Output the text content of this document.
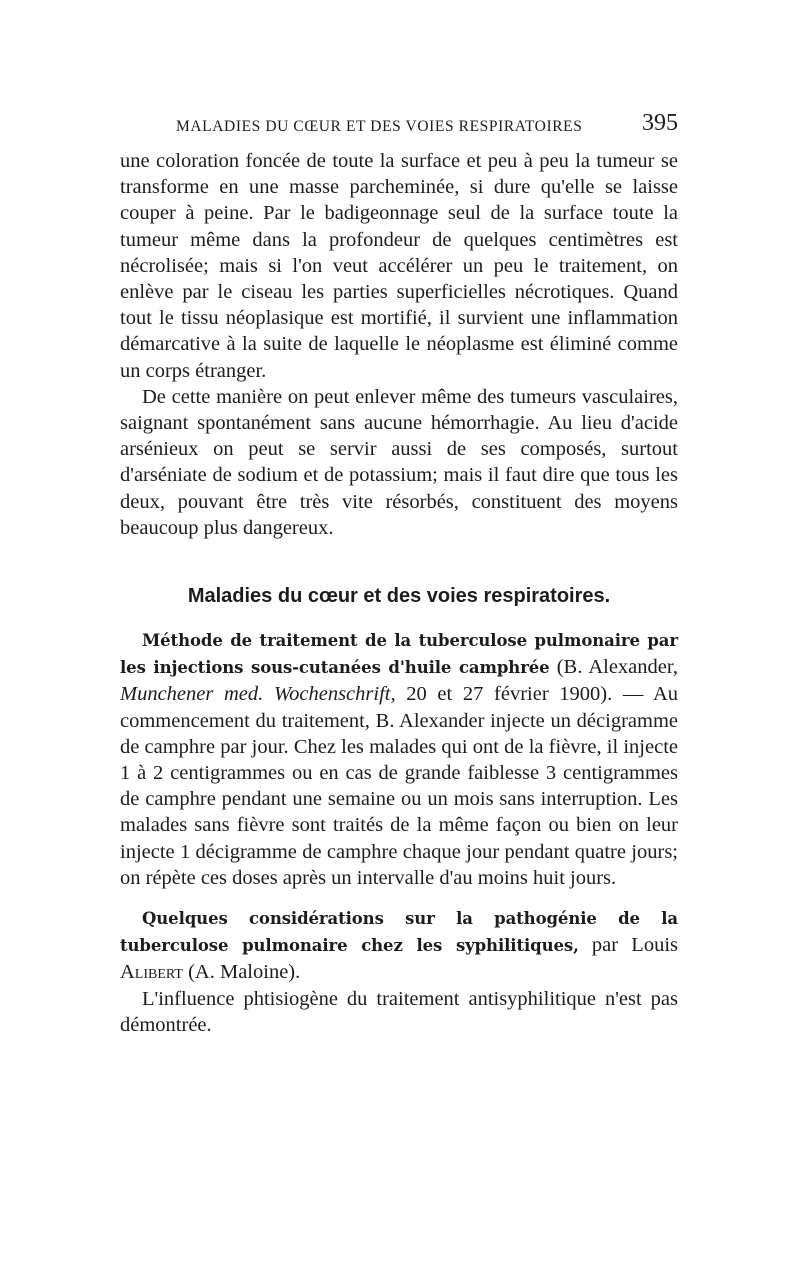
MALADIES DU CŒUR ET DES VOIES RESPIRATOIRES 395

une coloration foncée de toute la surface et peu à peu la tumeur se transforme en une masse parcheminée, si dure qu'elle se laisse couper à peine. Par le badigeonnage seul de la surface toute la tumeur même dans la profondeur de quelques centimètres est nécrolisée; mais si l'on veut accélérer un peu le traitement, on enlève par le ciseau les parties superficielles nécrotiques. Quand tout le tissu néoplasique est mortifié, il survient une inflammation démarcative à la suite de laquelle le néoplasme est éliminé comme un corps étranger.

De cette manière on peut enlever même des tumeurs vasculaires, saignant spontanément sans aucune hémorrhagie. Au lieu d'acide arsénieux on peut se servir aussi de ses composés, surtout d'arséniate de sodium et de potassium; mais il faut dire que tous les deux, pouvant être très vite résorbés, constituent des moyens beaucoup plus dangereux.

Maladies du cœur et des voies respiratoires.

Méthode de traitement de la tuberculose pulmonaire par les injections sous-cutanées d'huile camphrée (B. Alexander, Munchener med. Wochenschrift, 20 et 27 février 1900). — Au commencement du traitement, B. Alexander injecte un décigramme de camphre par jour. Chez les malades qui ont de la fièvre, il injecte 1 à 2 centigrammes ou en cas de grande faiblesse 3 centigrammes de camphre pendant une semaine ou un mois sans interruption. Les malades sans fièvre sont traités de la même façon ou bien on leur injecte 1 décigramme de camphre chaque jour pendant quatre jours; on répète ces doses après un intervalle d'au moins huit jours.

Quelques considérations sur la pathogénie de la tuberculose pulmonaire chez les syphilitiques, par Louis Alibert (A. Maloine).

L'influence phtisiogène du traitement antisyphilitique n'est pas démontrée.
